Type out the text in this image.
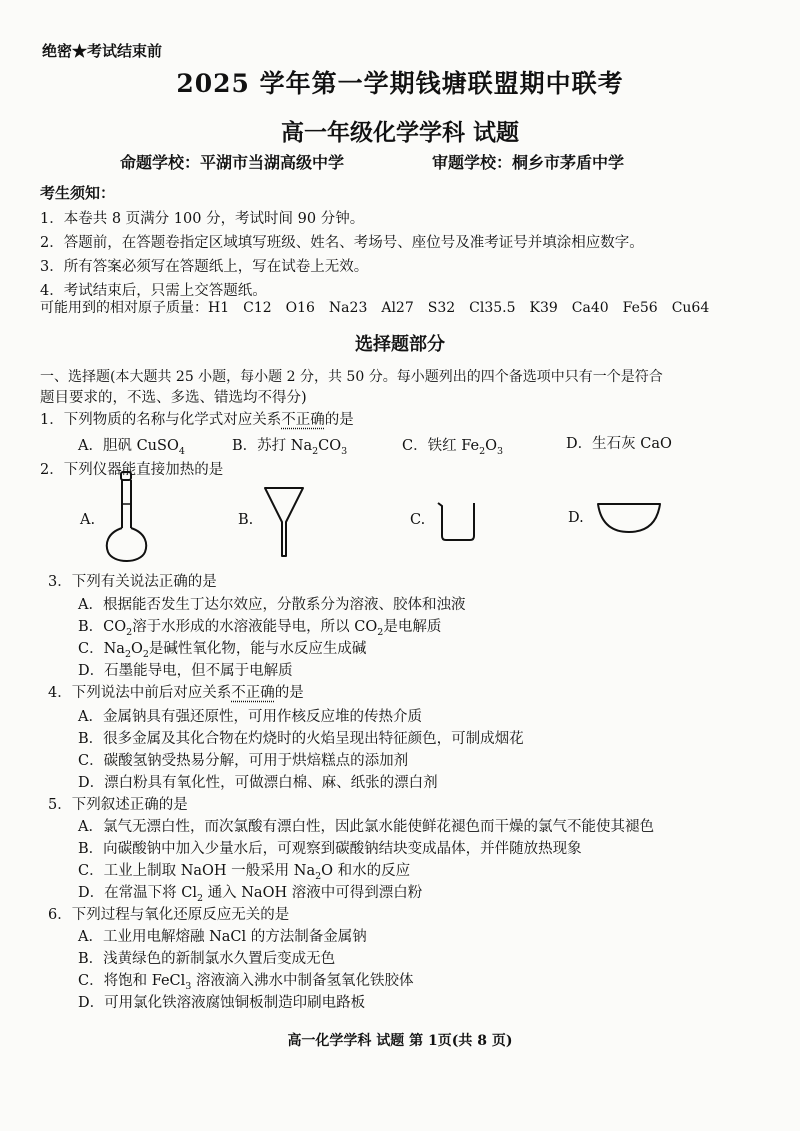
绝密★考试结束前
2025 学年第一学期钱塘联盟期中联考
高一年级化学学科 试题
命题学校：平湖市当湖高级中学	审题学校：桐乡市茅盾中学
考生须知：
1．本卷共 8 页满分 100 分，考试时间 90 分钟。
2．答题前，在答题卷指定区域填写班级、姓名、考场号、座位号及准考证号并填涂相应数字。
3．所有答案必须写在答题纸上，写在试卷上无效。
4．考试结束后，只需上交答题纸。
可能用到的相对原子质量：H1　C12　O16　Na23　Al27　S32　Cl35.5　K39　Ca40　Fe56　Cu64
选择题部分
一、选择题(本大题共 25 小题，每小题 2 分，共 50 分。每小题列出的四个备选项中只有一个是符合
题目要求的，不选、多选、错选均不得分)
1．下列物质的名称与化学式对应关系不正确的是
A．胆矾 CuSO$_4$	B．苏打 $Na_2CO_3$	C．铁红 $Fe_2O_3$	D．生石灰 CaO
2．下列仪器能直接加热的是
A.	B.	C.	D.
3．下列有关说法正确的是
A．根据能否发生丁达尔效应，分散系分为溶液、胶体和浊液
B．$CO_2$溶于水形成的水溶液能导电，所以 $CO_2$是电解质
C．$Na_2O_2$是碱性氧化物，能与水反应生成碱
D．石墨能导电，但不属于电解质
4．下列说法中前后对应关系不正确的是
A．金属钠具有强还原性，可用作核反应堆的传热介质
B．很多金属及其化合物在灼烧时的火焰呈现出特征颜色，可制成烟花
C．碳酸氢钠受热易分解，可用于烘焙糕点的添加剂
D．漂白粉具有氧化性，可做漂白棉、麻、纸张的漂白剂
5．下列叙述正确的是
A．氯气无漂白性，而次氯酸有漂白性，因此氯水能使鲜花褪色而干燥的氯气不能使其褪色
B．向碳酸钠中加入少量水后，可观察到碳酸钠结块变成晶体，并伴随放热现象
C．工业上制取 NaOH 一般采用 $Na_2O$ 和水的反应
D．在常温下将 $Cl_2$ 通入 NaOH 溶液中可得到漂白粉
6．下列过程与氧化还原反应无关的是
A．工业用电解熔融 NaCl 的方法制备金属钠
B．浅黄绿色的新制氯水久置后变成无色
C．将饱和 FeCl$_3$ 溶液滴入沸水中制备氢氧化铁胶体
D．可用氯化铁溶液腐蚀铜板制造印刷电路板
高一化学学科 试题 第 1页(共 8 页)
